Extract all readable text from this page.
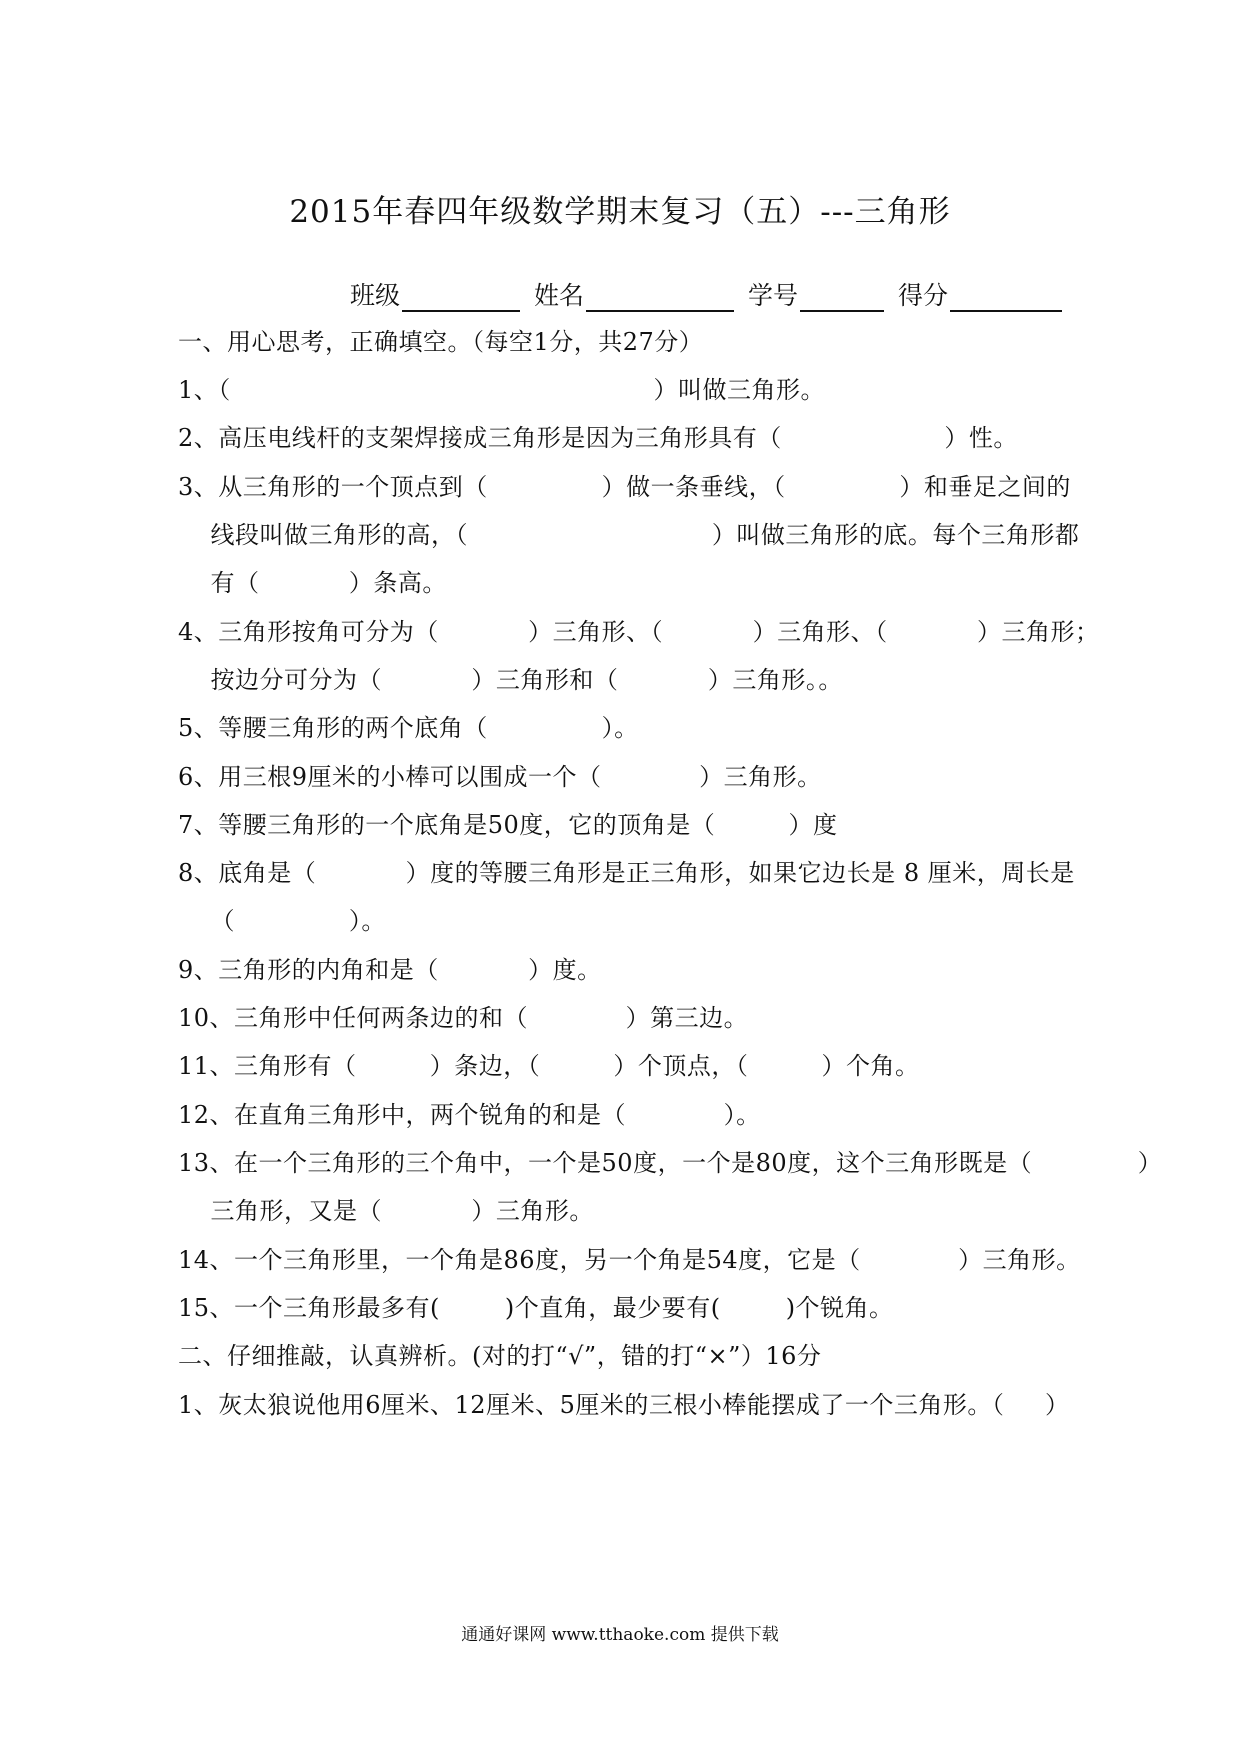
2015年春四年级数学期末复习（五）---三角形
班级	姓名	学号	得分
一、用心思考，正确填空。（每空1分，共27分）
1、（                                                    ）叫做三角形。
2、高压电线杆的支架焊接成三角形是因为三角形具有（                    ）性。
3、从三角形的一个顶点到（              ）做一条垂线，（              ）和垂足之间的
线段叫做三角形的高，（                              ）叫做三角形的底。每个三角形都
有（           ）条高。
4、三角形按角可分为（           ）三角形、（           ）三角形、（           ）三角形；
按边分可分为（           ）三角形和（           ）三角形。。
5、等腰三角形的两个底角（              ）。
6、用三根9厘米的小棒可以围成一个（            ）三角形。
7、等腰三角形的一个底角是50度，它的顶角是（         ）度
8、底角是（           ）度的等腰三角形是正三角形，如果它边长是 8 厘米，周长是
（              ）。
9、三角形的内角和是（           ）度。
10、三角形中任何两条边的和（            ）第三边。
11、三角形有（         ）条边，（         ）个顶点，（         ）个角。
12、在直角三角形中，两个锐角的和是（            ）。
13、在一个三角形的三个角中，一个是50度，一个是80度，这个三角形既是（             ）
三角形，又是（           ）三角形。
14、一个三角形里，一个角是86度，另一个角是54度，它是（            ）三角形。
15、一个三角形最多有(        )个直角，最少要有(        )个锐角。
二、仔细推敲，认真辨析。(对的打“√”，错的打“×”）16分
1、灰太狼说他用6厘米、12厘米、5厘米的三根小棒能摆成了一个三角形。（     ）
通通好课网 www.tthaoke.com 提供下载
